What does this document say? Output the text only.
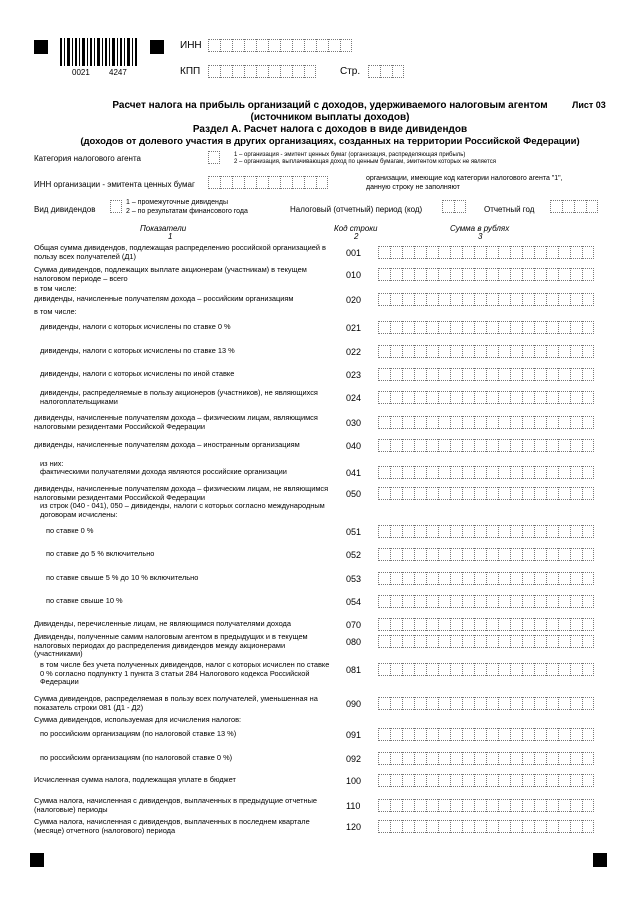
0021 4247
ИНН
КПП	Стр.
Расчет налога на прибыль организаций с доходов, удерживаемого налоговым агентом
(источником выплаты доходов)
Лист 03
Раздел А. Расчет налога с доходов в виде дивидендов
(доходов от долевого участия в других организациях, созданных на территории Российской Федерации)
Категория налогового агента	1 – организация - эмитент ценных бумаг (организация, распределяющая прибыль)
2 – организация, выплачивающая доход по ценным бумагам, эмитентом которых не является
ИНН организации - эмитента ценных бумаг
организации, имеющие код категории налогового агента "1",
данную строку не заполняют
Вид дивидендов
1 – промежуточные дивиденды
2 – по результатам финансового года	Налоговый (отчетный) период (код)	Отчетный год
Показатели
1
Код строки
2
Сумма в рублях
3
Общая сумма дивидендов, подлежащая распределению российской организацией в пользу всех получателей (Д1)	001
Сумма дивидендов, подлежащих выплате акционерам (участникам) в текущем налоговом периоде – всего	010
в том числе:
дивиденды, начисленные получателям дохода – российским организациям	020
в том числе:
дивиденды, налоги с которых исчислены по ставке 0 %	021
дивиденды, налоги с которых исчислены по ставке 13 %	022
дивиденды, налоги с которых исчислены по иной ставке	023
дивиденды, распределяемые в пользу акционеров (участников), не являющихся налогоплательщиками	024
дивиденды, начисленные получателям дохода – физическим лицам, являющимся налоговыми резидентами Российской Федерации	030
дивиденды, начисленные получателям дохода – иностранным организациям	040
из них:
фактическими получателями дохода являются российские организации	041
дивиденды, начисленные получателям дохода – физическим лицам, не являющимся налоговыми резидентами Российской Федерации	050
из строк (040 - 041), 050 – дивиденды, налоги с которых согласно международным договорам исчислены:
по ставке 0 %	051
по ставке до 5 % включительно	052
по ставке свыше 5 % до 10 % включительно	053
по ставке свыше 10 %	054
Дивиденды, перечисленные лицам, не являющимся получателями дохода	070
Дивиденды, полученные самим налоговым агентом в предыдущих и в текущем налоговых периодах до распределения дивидендов между акционерами (участниками)
080
в том числе без учета полученных дивидендов, налог с которых исчислен по ставке 0 % согласно подпункту 1 пункта 3 статьи 284 Налогового кодекса Российской Федерации
081
Сумма дивидендов, распределяемая в пользу всех получателей, уменьшенная на показатель строки 081 (Д1 - Д2)	090
Сумма дивидендов, используемая для исчисления налогов:
по российским организациям (по налоговой ставке 13 %)	091
по российским организациям (по налоговой ставке 0 %)	092
Исчисленная сумма налога, подлежащая уплате в бюджет	100
Сумма налога, начисленная с дивидендов, выплаченных в предыдущие отчетные (налоговые) периоды	110
Сумма налога, начисленная с дивидендов, выплаченных в последнем квартале (месяце) отчетного (налогового) периода	120
